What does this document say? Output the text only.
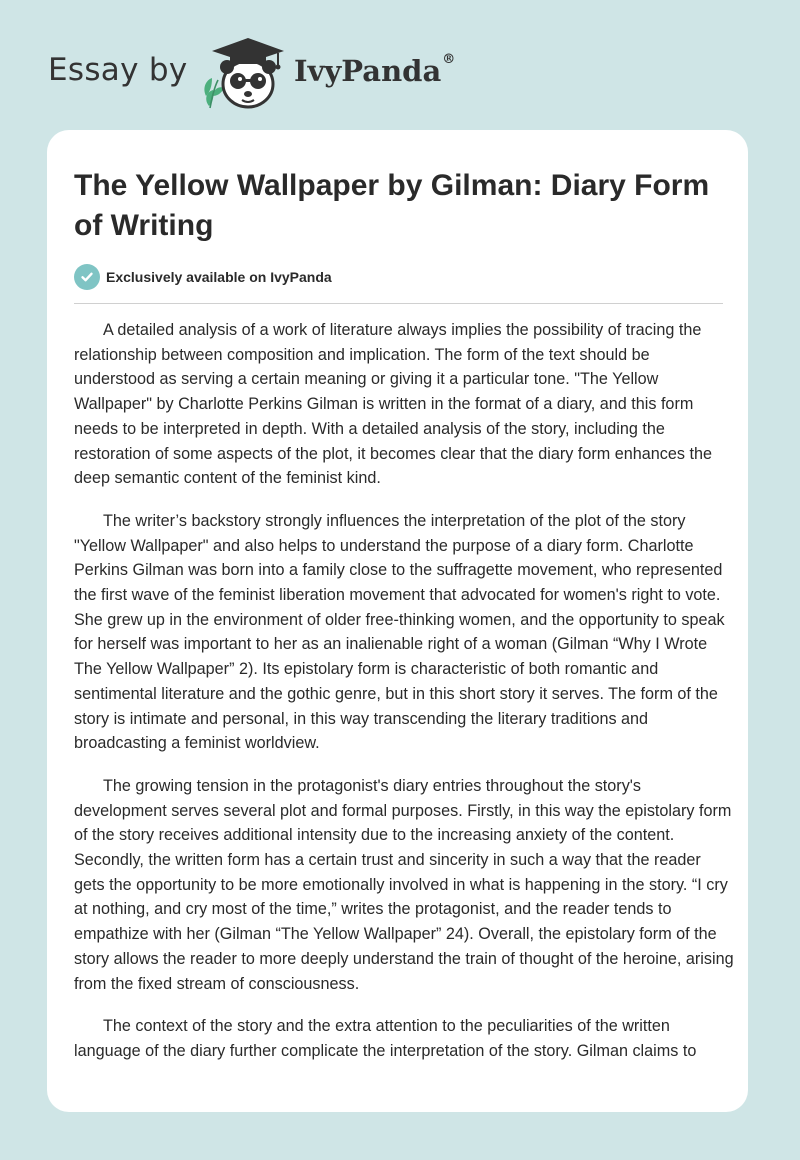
Essay by	IvyPanda®
The Yellow Wallpaper by Gilman: Diary Form of Writing
Exclusively available on IvyPanda

A detailed analysis of a work of literature always implies the possibility of tracing the relationship between composition and implication. The form of the text should be understood as serving a certain meaning or giving it a particular tone. "The Yellow Wallpaper" by Charlotte Perkins Gilman is written in the format of a diary, and this form needs to be interpreted in depth. With a detailed analysis of the story, including the restoration of some aspects of the plot, it becomes clear that the diary form enhances the deep semantic content of the feminist kind.

The writer’s backstory strongly influences the interpretation of the plot of the story "Yellow Wallpaper" and also helps to understand the purpose of a diary form. Charlotte Perkins Gilman was born into a family close to the suffragette movement, who represented the first wave of the feminist liberation movement that advocated for women's right to vote. She grew up in the environment of older free-thinking women, and the opportunity to speak for herself was important to her as an inalienable right of a woman (Gilman “Why I Wrote The Yellow Wallpaper” 2). Its epistolary form is characteristic of both romantic and sentimental literature and the gothic genre, but in this short story it serves. The form of the story is intimate and personal, in this way transcending the literary traditions and broadcasting a feminist worldview.

The growing tension in the protagonist's diary entries throughout the story's development serves several plot and formal purposes. Firstly, in this way the epistolary form of the story receives additional intensity due to the increasing anxiety of the content. Secondly, the written form has a certain trust and sincerity in such a way that the reader gets the opportunity to be more emotionally involved in what is happening in the story. “I cry at nothing, and cry most of the time,” writes the protagonist, and the reader tends to empathize with her (Gilman “The Yellow Wallpaper” 24). Overall, the epistolary form of the story allows the reader to more deeply understand the train of thought of the heroine, arising from the fixed stream of consciousness.

The context of the story and the extra attention to the peculiarities of the written language of the diary further complicate the interpretation of the story. Gilman claims to
